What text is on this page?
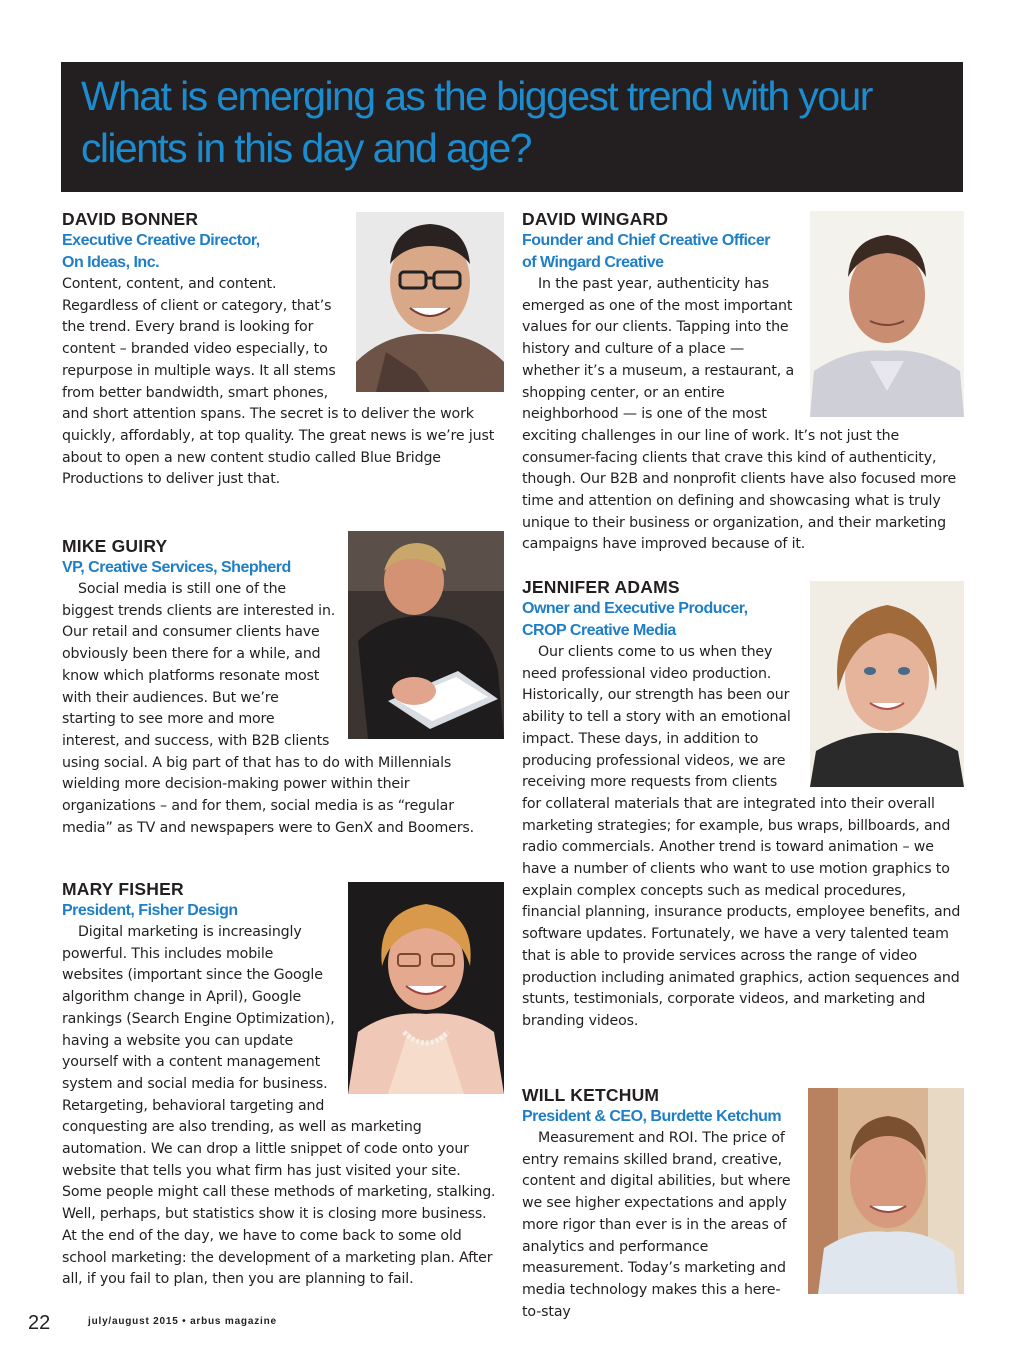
What is emerging as the biggest trend with your clients in this day and age?

DAVID BONNER

Executive Creative Director,
On Ideas, Inc.

Content, content, and content. Regardless of client or category, that’s the trend. Every brand is looking for content – branded video especially, to repurpose in multiple ways. It all stems from better bandwidth, smart phones, and short attention spans. The secret is to deliver the work quickly, affordably, at top quality. The great news is we’re just about to open a new content studio called Blue Bridge Productions to deliver just that.

MIKE GUIRY

VP, Creative Services, Shepherd

Social media is still one of the biggest trends clients are interested in. Our retail and consumer clients have obviously been there for a while, and know which platforms resonate most with their audiences. But we’re starting to see more and more interest, and success, with B2B clients using social. A big part of that has to do with Millennials wielding more decision-making power within their organizations – and for them, social media is as “regular media” as TV and newspapers were to GenX and Boomers.

MARY FISHER

President, Fisher Design

Digital marketing is increasingly powerful. This includes mobile websites (important since the Google algorithm change in April), Google rankings (Search Engine Optimization), having a website you can update yourself with a content management system and social media for business. Retargeting, behavioral targeting and conquesting are also trending, as well as marketing automation. We can drop a little snippet of code onto your website that tells you what firm has just visited your site. Some people might call these methods of marketing, stalking. Well, perhaps, but statistics show it is closing more business. At the end of the day, we have to come back to some old school marketing: the development of a marketing plan. After all, if you fail to plan, then you are planning to fail.

DAVID WINGARD

Founder and Chief Creative Officer
of Wingard Creative

In the past year, authenticity has emerged as one of the most important values for our clients. Tapping into the history and culture of a place — whether it’s a museum, a restaurant, a shopping center, or an entire neighborhood — is one of the most exciting challenges in our line of work. It’s not just the consumer-facing clients that crave this kind of authenticity, though. Our B2B and nonprofit clients have also focused more time and attention on defining and showcasing what is truly unique to their business or organization, and their marketing campaigns have improved because of it.

JENNIFER ADAMS

Owner and Executive Producer,
CROP Creative Media

Our clients come to us when they need professional video production. Historically, our strength has been our ability to tell a story with an emotional impact. These days, in addition to producing professional videos, we are receiving more requests from clients for collateral materials that are integrated into their overall marketing strategies; for example, bus wraps, billboards, and radio commercials. Another trend is toward animation – we have a number of clients who want to use motion graphics to explain complex concepts such as medical procedures, financial planning, insurance products, employee benefits, and software updates. Fortunately, we have a very talented team that is able to provide services across the range of video production including animated graphics, action sequences and stunts, testimonials, corporate videos, and marketing and branding videos.

WILL KETCHUM

President & CEO, Burdette Ketchum

Measurement and ROI. The price of entry remains skilled brand, creative, content and digital abilities, but where we see higher expectations and apply more rigor than ever is in the areas of analytics and performance measurement. Today’s marketing and media technology makes this a here-to-stay

22	july/august 2015 • arbus magazine
